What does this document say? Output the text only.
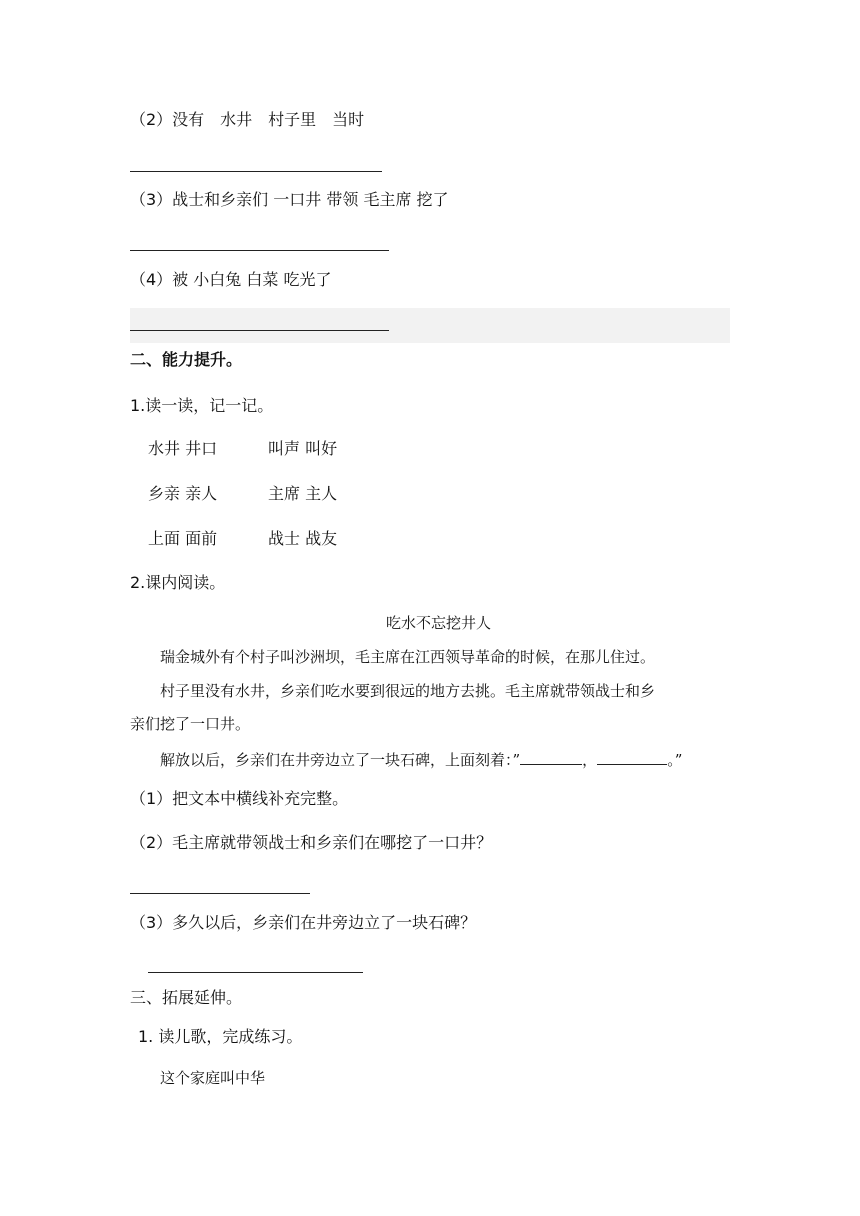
（2）没有　水井　村子里　当时
（3）战士和乡亲们 一口井 带领 毛主席 挖了
（4）被 小白兔 白菜 吃光了
二、能力提升。
1.读一读，记一记。
水井 井口	叫声 叫好
乡亲 亲人	主席 主人
上面 面前	战士 战友
2.课内阅读。
吃水不忘挖井人
瑞金城外有个村子叫沙洲坝，毛主席在江西领导革命的时候，在那儿住过。
村子里没有水井，乡亲们吃水要到很远的地方去挑。毛主席就带领战士和乡
亲们挖了一口井。
解放以后，乡亲们在井旁边立了一块石碑，上面刻着：”	，	。”
（1）把文本中横线补充完整。
（2）毛主席就带领战士和乡亲们在哪挖了一口井？
（3）多久以后，乡亲们在井旁边立了一块石碑？
三、拓展延伸。
1. 读儿歌，完成练习。
这个家庭叫中华
